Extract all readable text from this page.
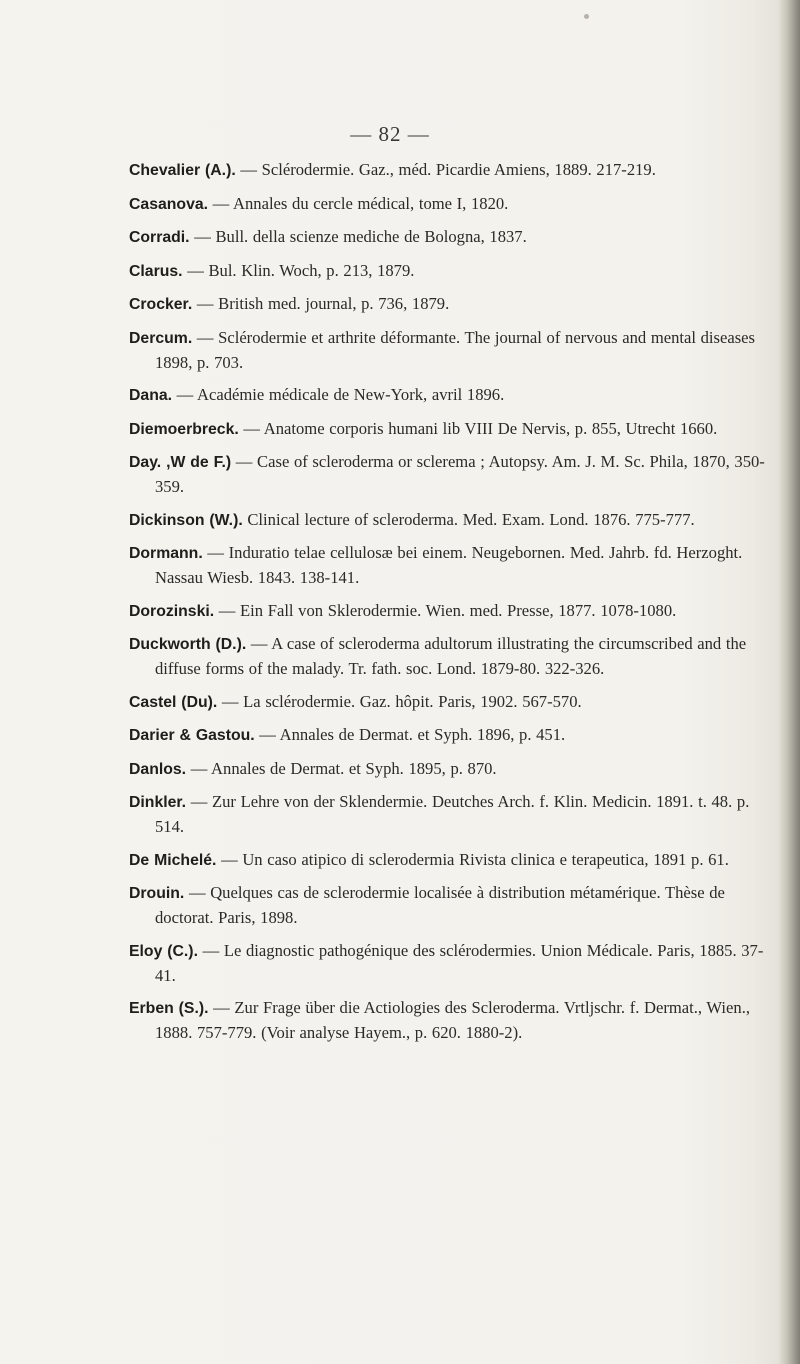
— 82 —

Chevalier (A.). — Sclérodermie. Gaz., méd. Picardie Amiens, 1889. 217-219.

Casanova. — Annales du cercle médical, tome I, 1820.

Corradi. — Bull. della scienze mediche de Bologna, 1837.

Clarus. — Bul. Klin. Woch, p. 213, 1879.

Crocker. — British med. journal, p. 736, 1879.

Dercum. — Sclérodermie et arthrite déformante. The journal of nervous and mental diseases 1898, p. 703.

Dana. — Académie médicale de New-York, avril 1896.

Diemoerbreck. — Anatome corporis humani lib VIII De Nervis, p. 855, Utrecht 1660.

Day. ,W de F.) — Case of scleroderma or sclerema ; Autopsy. Am. J. M. Sc. Phila, 1870, 350-359.

Dickinson (W.). Clinical lecture of scleroderma. Med. Exam. Lond. 1876. 775-777.

Dormann. — Induratio telae cellulosæ bei einem. Neugebornen. Med. Jahrb. fd. Herzoght. Nassau Wiesb. 1843. 138-141.

Dorozinski. — Ein Fall von Sklerodermie. Wien. med. Presse, 1877. 1078-1080.

Duckworth (D.). — A case of scleroderma adultorum illustrating the circumscribed and the diffuse forms of the malady. Tr. fath. soc. Lond. 1879-80. 322-326.

Castel (Du). — La sclérodermie. Gaz. hôpit. Paris, 1902. 567-570.

Darier & Gastou. — Annales de Dermat. et Syph. 1896, p. 451.

Danlos. — Annales de Dermat. et Syph. 1895, p. 870.

Dinkler. — Zur Lehre von der Sklendermie. Deutches Arch. f. Klin. Medicin. 1891. t. 48. p. 514.

De Michelé. — Un caso atipico di sclerodermia Rivista clinica e terapeutica, 1891 p. 61.

Drouin. — Quelques cas de sclerodermie localisée à distribution métamérique. Thèse de doctorat. Paris, 1898.

Eloy (C.). — Le diagnostic pathogénique des sclérodermies. Union Médicale. Paris, 1885. 37-41.

Erben (S.). — Zur Frage über die Actiologies des Scleroderma. Vrtljschr. f. Dermat., Wien., 1888. 757-779. (Voir analyse Hayem., p. 620. 1880-2).
